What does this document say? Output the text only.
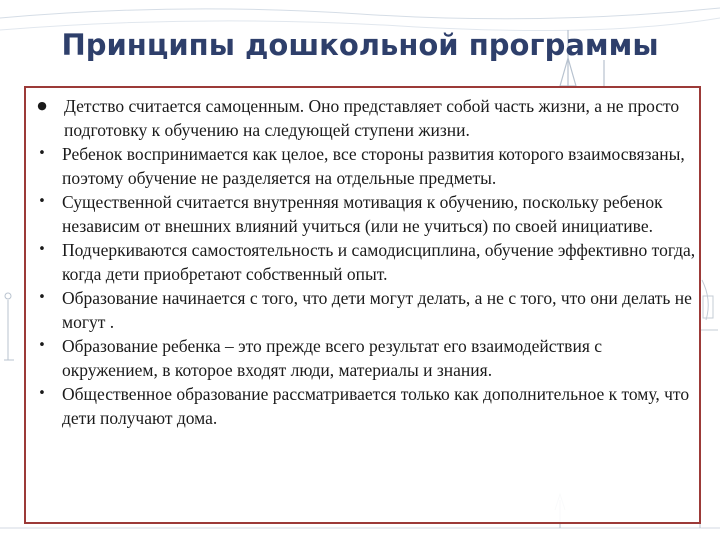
Принципы дошкольной программы
● Детство считается самоценным. Оно представляет собой часть жизни, а не просто подготовку к обучению на следующей ступени жизни.
• Ребенок воспринимается как целое, все стороны развития которого взаимосвязаны, поэтому обучение не разделяется на отдельные предметы.
• Существенной считается внутренняя мотивация к обучению, поскольку ребенок независим от внешних влияний учиться (или не учиться) по своей инициативе.
• Подчеркиваются самостоятельность и самодисциплина, обучение эффективно тогда, когда дети приобретают собственный опыт.
• Образование начинается с того, что дети могут делать, а не с того, что они делать не могут .
• Образование ребенка – это прежде всего результат его взаимодействия с окружением, в которое входят люди, материалы и знания.
• Общественное образование рассматривается только как дополнительное к тому, что дети получают дома.
